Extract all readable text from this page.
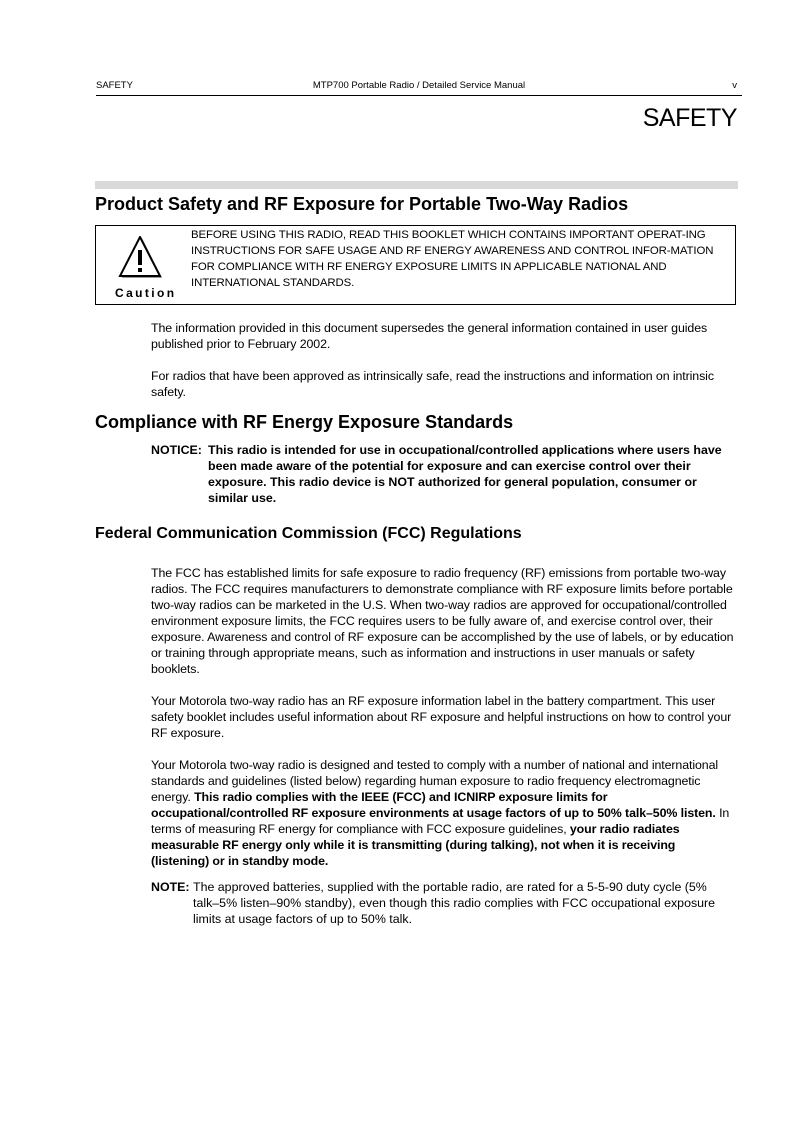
SAFETY	MTP700 Portable Radio / Detailed Service Manual	v
SAFETY
Product Safety and RF Exposure for Portable Two-Way Radios
Caution
BEFORE USING THIS RADIO, READ THIS BOOKLET WHICH CONTAINS IMPORTANT OPERAT-ING INSTRUCTIONS FOR SAFE USAGE AND RF ENERGY AWARENESS AND CONTROL INFOR-MATION FOR COMPLIANCE WITH RF ENERGY EXPOSURE LIMITS IN APPLICABLE NATIONAL AND INTERNATIONAL STANDARDS.

The information provided in this document supersedes the general information contained in user guides published prior to February 2002.

For radios that have been approved as intrinsically safe, read the instructions and information on intrinsic safety.

Compliance with RF Energy Exposure Standards
NOTICE: This radio is intended for use in occupational/controlled applications where users have been made aware of the potential for exposure and can exercise control over their exposure. This radio device is NOT authorized for general population, consumer or similar use.
Federal Communication Commission (FCC) Regulations

The FCC has established limits for safe exposure to radio frequency (RF) emissions from portable two-way radios. The FCC requires manufacturers to demonstrate compliance with RF exposure limits before portable two-way radios can be marketed in the U.S. When two-way radios are approved for occupational/controlled environment exposure limits, the FCC requires users to be fully aware of, and exercise control over, their exposure. Awareness and control of RF exposure can be accomplished by the use of labels, or by education or training through appropriate means, such as information and instructions in user manuals or safety booklets.

Your Motorola two-way radio has an RF exposure information label in the battery compartment. This user safety booklet includes useful information about RF exposure and helpful instructions on how to control your RF exposure.

Your Motorola two-way radio is designed and tested to comply with a number of national and international standards and guidelines (listed below) regarding human exposure to radio frequency electromagnetic energy. This radio complies with the IEEE (FCC) and ICNIRP exposure limits for occupational/controlled RF exposure environments at usage factors of up to 50% talk–50% listen. In terms of measuring RF energy for compliance with FCC exposure guidelines, your radio radiates measurable RF energy only while it is transmitting (during talking), not when it is receiving (listening) or in standby mode.

NOTE: The approved batteries, supplied with the portable radio, are rated for a 5-5-90 duty cycle (5% talk–5% listen–90% standby), even though this radio complies with FCC occupational exposure limits at usage factors of up to 50% talk.
